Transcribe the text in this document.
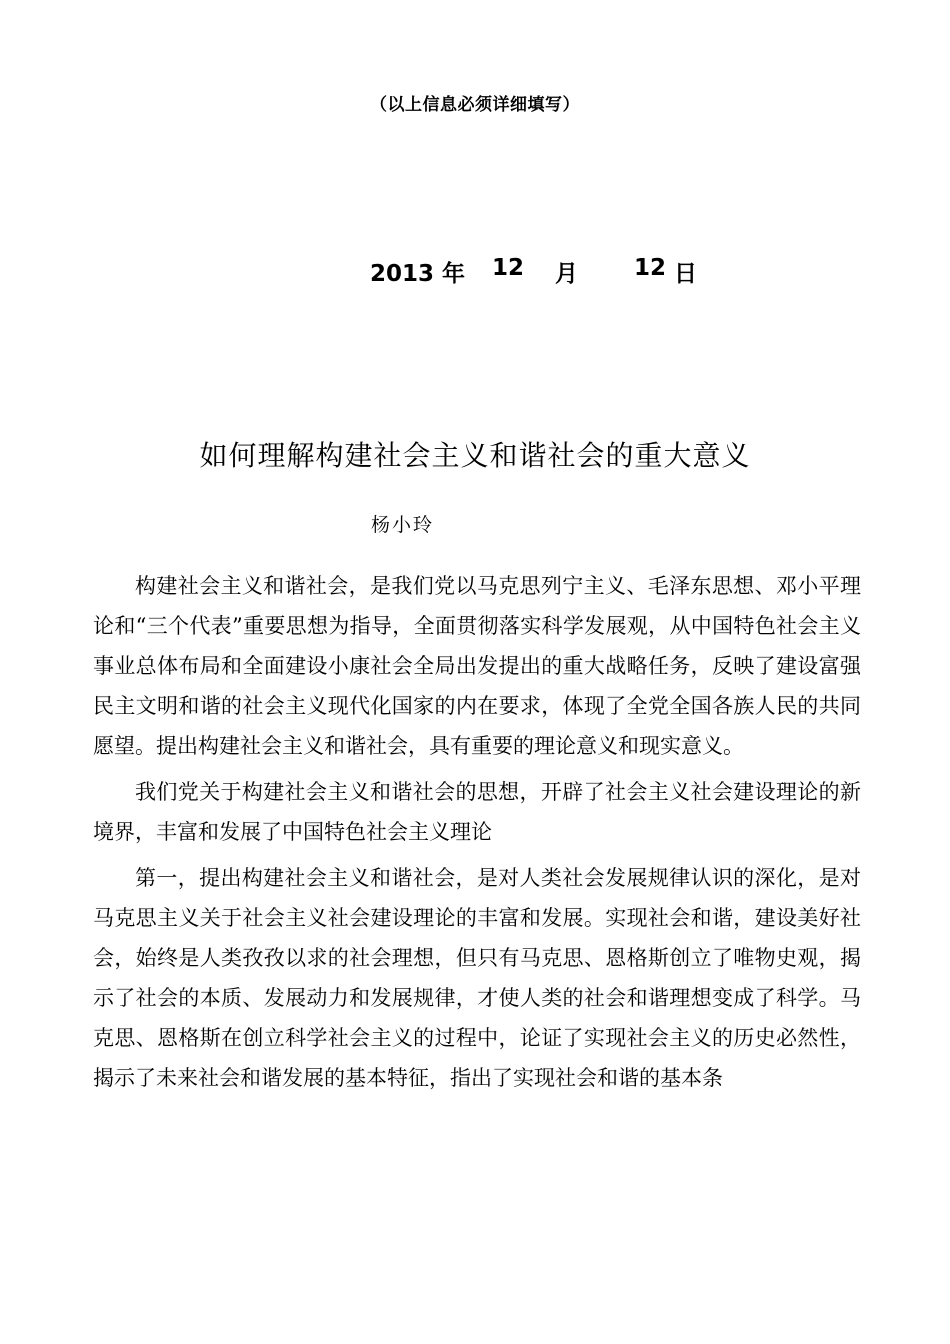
（以上信息必须详细填写）
2013 年 12 月 12 日
如何理解构建社会主义和谐社会的重大意义
杨小玲

构建社会主义和谐社会，是我们党以马克思列宁主义、毛泽东思想、邓小平理论和“三个代表”重要思想为指导，全面贯彻落实科学发展观，从中国特色社会主义事业总体布局和全面建设小康社会全局出发提出的重大战略任务，反映了建设富强民主文明和谐的社会主义现代化国家的内在要求，体现了全党全国各族人民的共同愿望。提出构建社会主义和谐社会，具有重要的理论意义和现实意义。

我们党关于构建社会主义和谐社会的思想，开辟了社会主义社会建设理论的新境界，丰富和发展了中国特色社会主义理论

第一，提出构建社会主义和谐社会，是对人类社会发展规律认识的深化，是对马克思主义关于社会主义社会建设理论的丰富和发展。实现社会和谐，建设美好社会，始终是人类孜孜以求的社会理想，但只有马克思、恩格斯创立了唯物史观，揭示了社会的本质、发展动力和发展规律，才使人类的社会和谐理想变成了科学。马克思、恩格斯在创立科学社会主义的过程中，论证了实现社会主义的历史必然性，揭示了未来社会和谐发展的基本特征，指出了实现社会和谐的基本条
